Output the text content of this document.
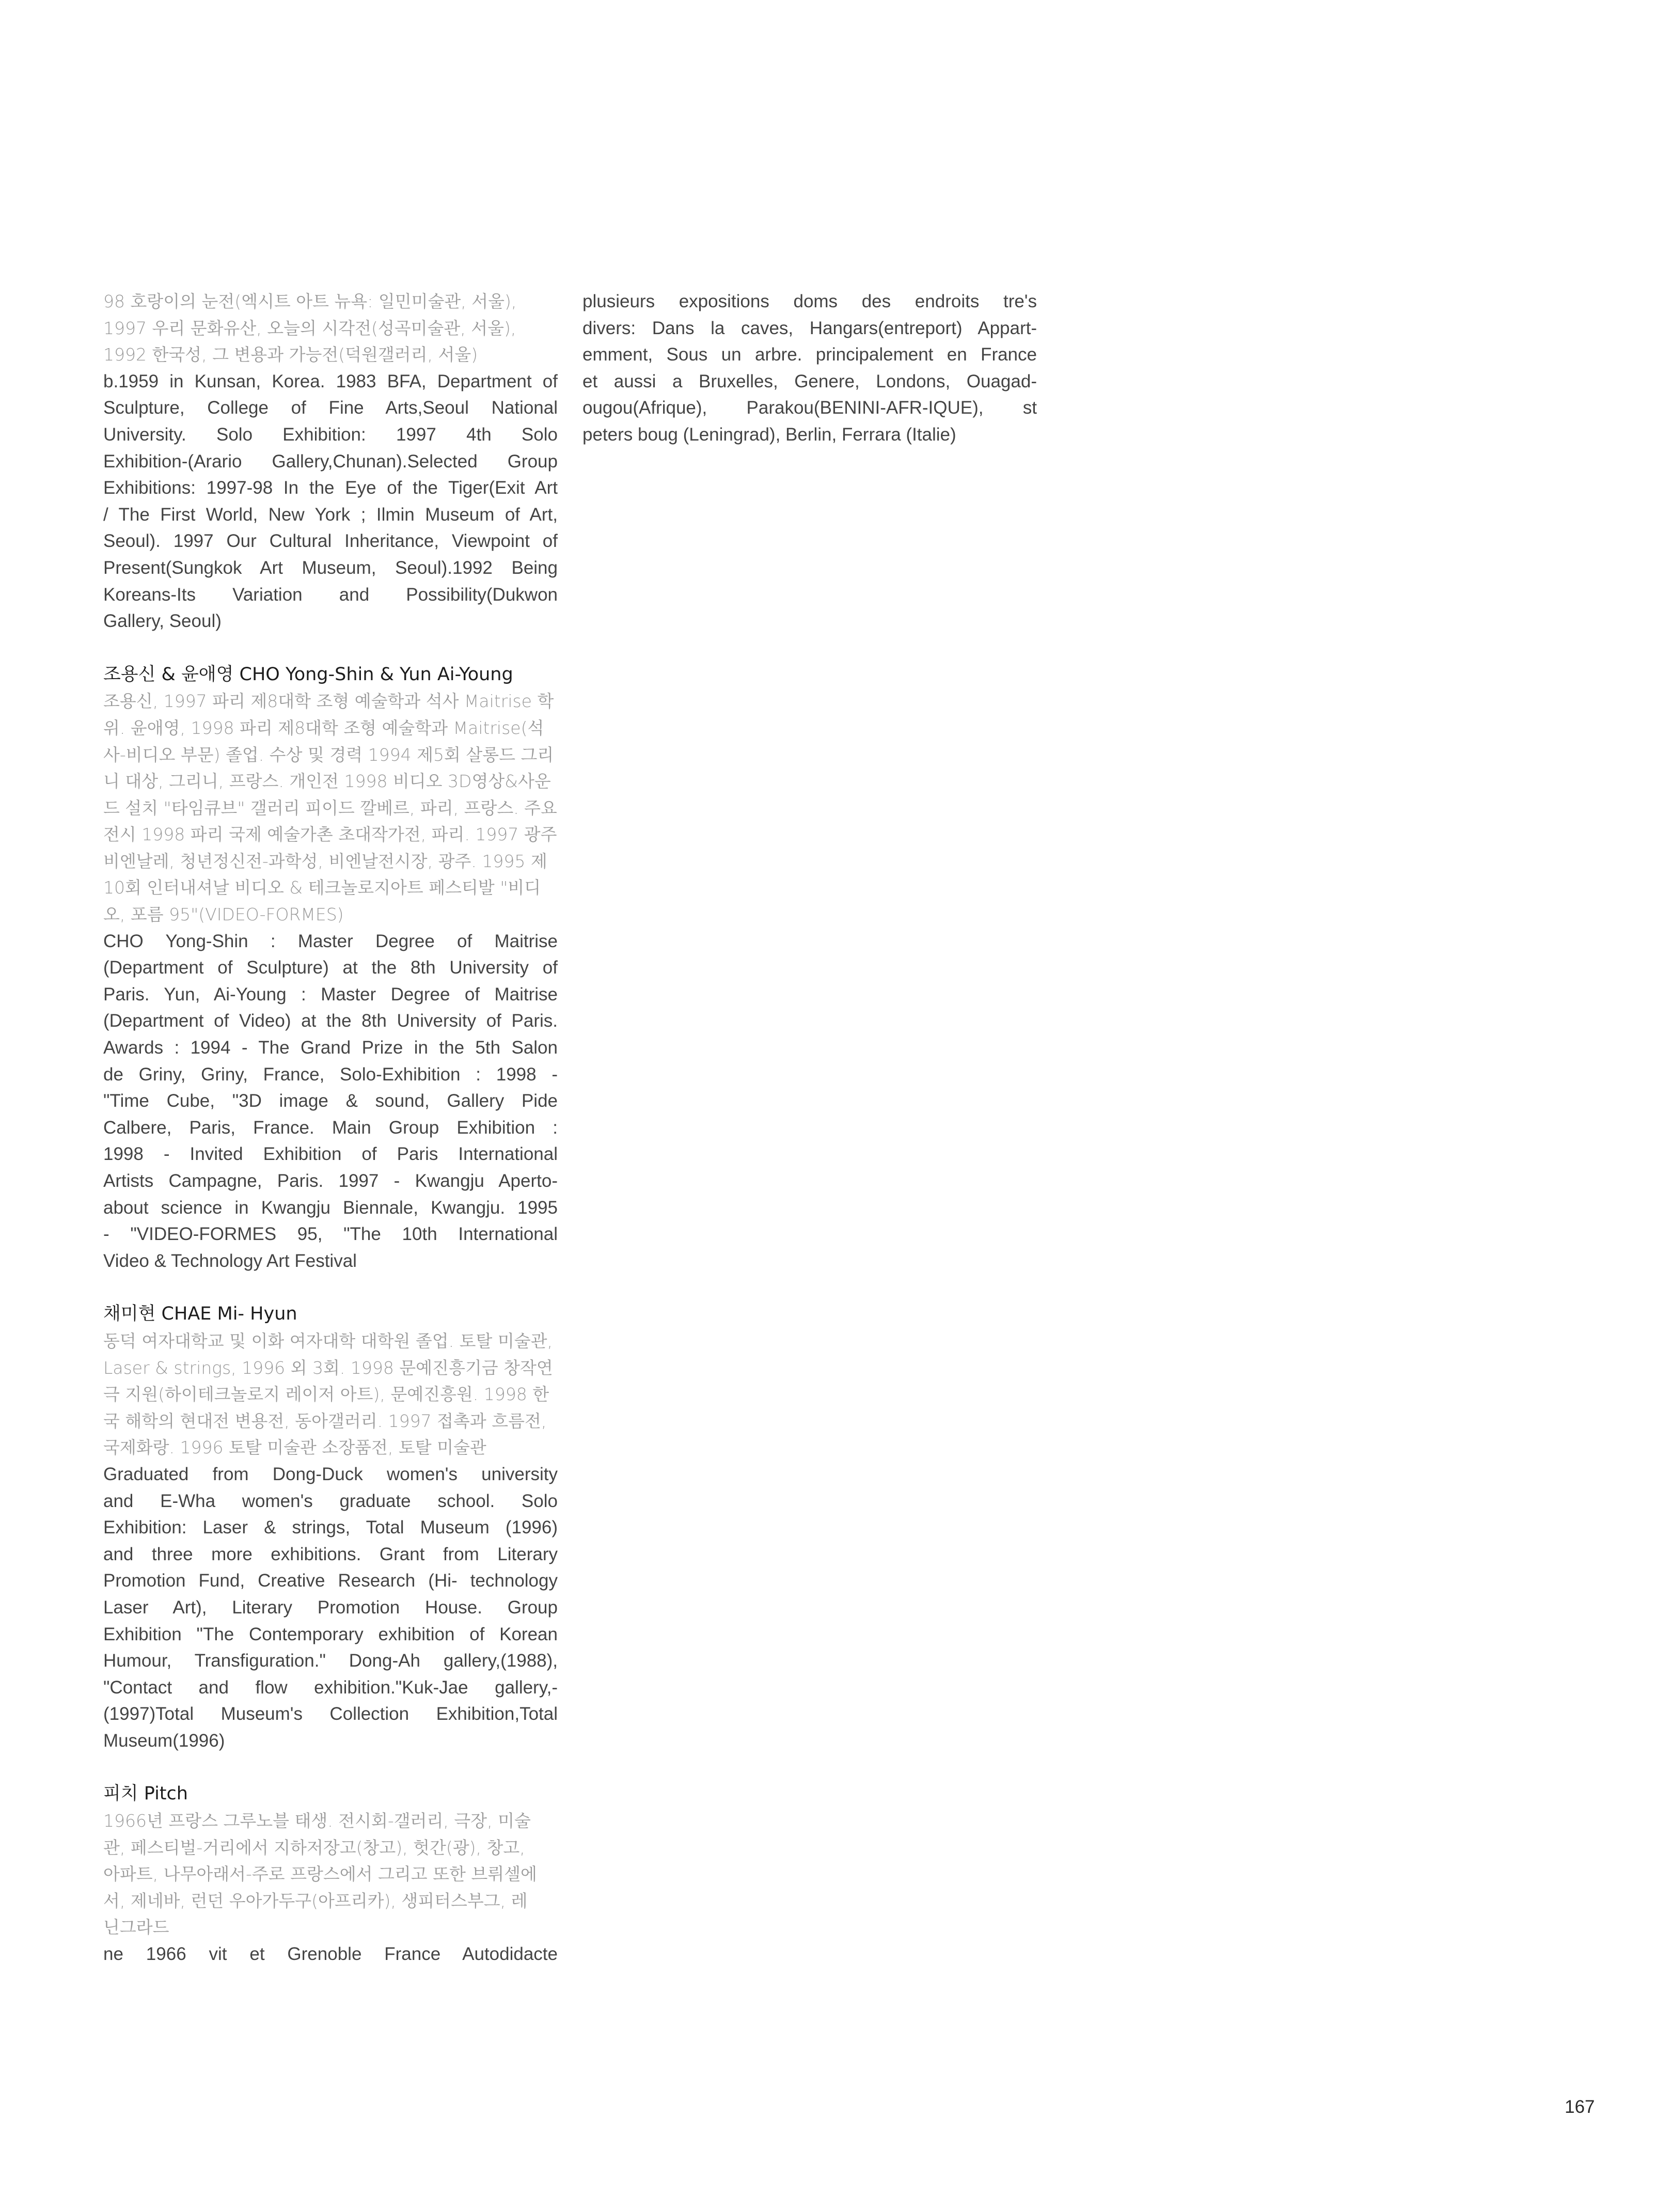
98 호랑이의 눈전(엑시트 아트 뉴욕: 일민미술관, 서울),
1997 우리 문화유산, 오늘의 시각전(성곡미술관, 서울),
1992 한국성, 그 변용과 가능전(덕원갤러리, 서울)
b.1959 in Kunsan, Korea. 1983 BFA, Department of
Sculpture, College of Fine Arts,Seoul National
University. Solo Exhibition: 1997 4th Solo
Exhibition-(Arario Gallery,Chunan).Selected Group
Exhibitions: 1997-98 In the Eye of the Tiger(Exit Art
/ The First World, New York ; Ilmin Museum of Art,
Seoul). 1997 Our Cultural Inheritance, Viewpoint of
Present(Sungkok Art Museum, Seoul).1992 Being
Koreans-Its Variation and Possibility(Dukwon
Gallery, Seoul)
조용신 & 윤애영 CHO Yong-Shin & Yun Ai-Young
조용신, 1997 파리 제8대학 조형 예술학과 석사 Maitrise 학
위. 윤애영, 1998 파리 제8대학 조형 예술학과 Maitrise(석
사-비디오 부문) 졸업. 수상 및 경력 1994 제5회 살롱드 그리
니 대상, 그리니, 프랑스. 개인전 1998 비디오 3D영상&사운
드 설치 "타임큐브" 갤러리 피이드 깔베르, 파리, 프랑스. 주요
전시 1998 파리 국제 예술가촌 초대작가전, 파리. 1997 광주
비엔날레, 청년정신전-과학성, 비엔날전시장, 광주. 1995 제
10회 인터내셔날 비디오 & 테크놀로지아트 페스티발 "비디
오, 포름 95"(VIDEO-FORMES)
CHO Yong-Shin : Master Degree of Maitrise
(Department of Sculpture) at the 8th University of
Paris. Yun, Ai-Young : Master Degree of Maitrise
(Department of Video) at the 8th University of Paris.
Awards : 1994 - The Grand Prize in the 5th Salon
de Griny, Griny, France, Solo-Exhibition : 1998 -
"Time Cube, "3D image & sound, Gallery Pide
Calbere, Paris, France. Main Group Exhibition :
1998 - Invited Exhibition of Paris International
Artists Campagne, Paris. 1997 - Kwangju Aperto-
about science in Kwangju Biennale, Kwangju. 1995
- "VIDEO-FORMES 95, "The 10th International
Video & Technology Art Festival
채미현 CHAE Mi- Hyun
동덕 여자대학교 및 이화 여자대학 대학원 졸업. 토탈 미술관,
Laser & strings, 1996 외 3회. 1998 문예진흥기금 창작연
극 지원(하이테크놀로지 레이저 아트), 문예진흥원. 1998 한
국 해학의 현대전 변용전, 동아갤러리. 1997 접촉과 흐름전,
국제화랑. 1996 토탈 미술관 소장품전, 토탈 미술관
Graduated from Dong-Duck women's university
and E-Wha women's graduate school. Solo
Exhibition: Laser & strings, Total Museum (1996)
and three more exhibitions. Grant from Literary
Promotion Fund, Creative Research (Hi- technology
Laser Art), Literary Promotion House. Group
Exhibition "The Contemporary exhibition of Korean
Humour, Transfiguration." Dong-Ah gallery,(1988),
"Contact and flow exhibition."Kuk-Jae gallery,-
(1997)Total Museum's Collection Exhibition,Total
Museum(1996)
피치 Pitch
1966년 프랑스 그루노블 태생. 전시회-갤러리, 극장, 미술
관, 페스티벌-거리에서 지하저장고(창고), 헛간(광), 창고,
아파트, 나무아래서-주로 프랑스에서 그리고 또한 브뤼셀에
서, 제네바, 런던 우아가두구(아프리카), 생피터스부그, 레
닌그라드
ne 1966 vit et Grenoble France Autodidacte
plusieurs expositions doms des endroits tre's
divers: Dans la caves, Hangars(entreport) Appart-
emment, Sous un arbre. principalement en France
et aussi a Bruxelles, Genere, Londons, Ouagad-
ougou(Afrique), Parakou(BENINI-AFR-IQUE), st
peters boug (Leningrad), Berlin, Ferrara (Italie)
167
